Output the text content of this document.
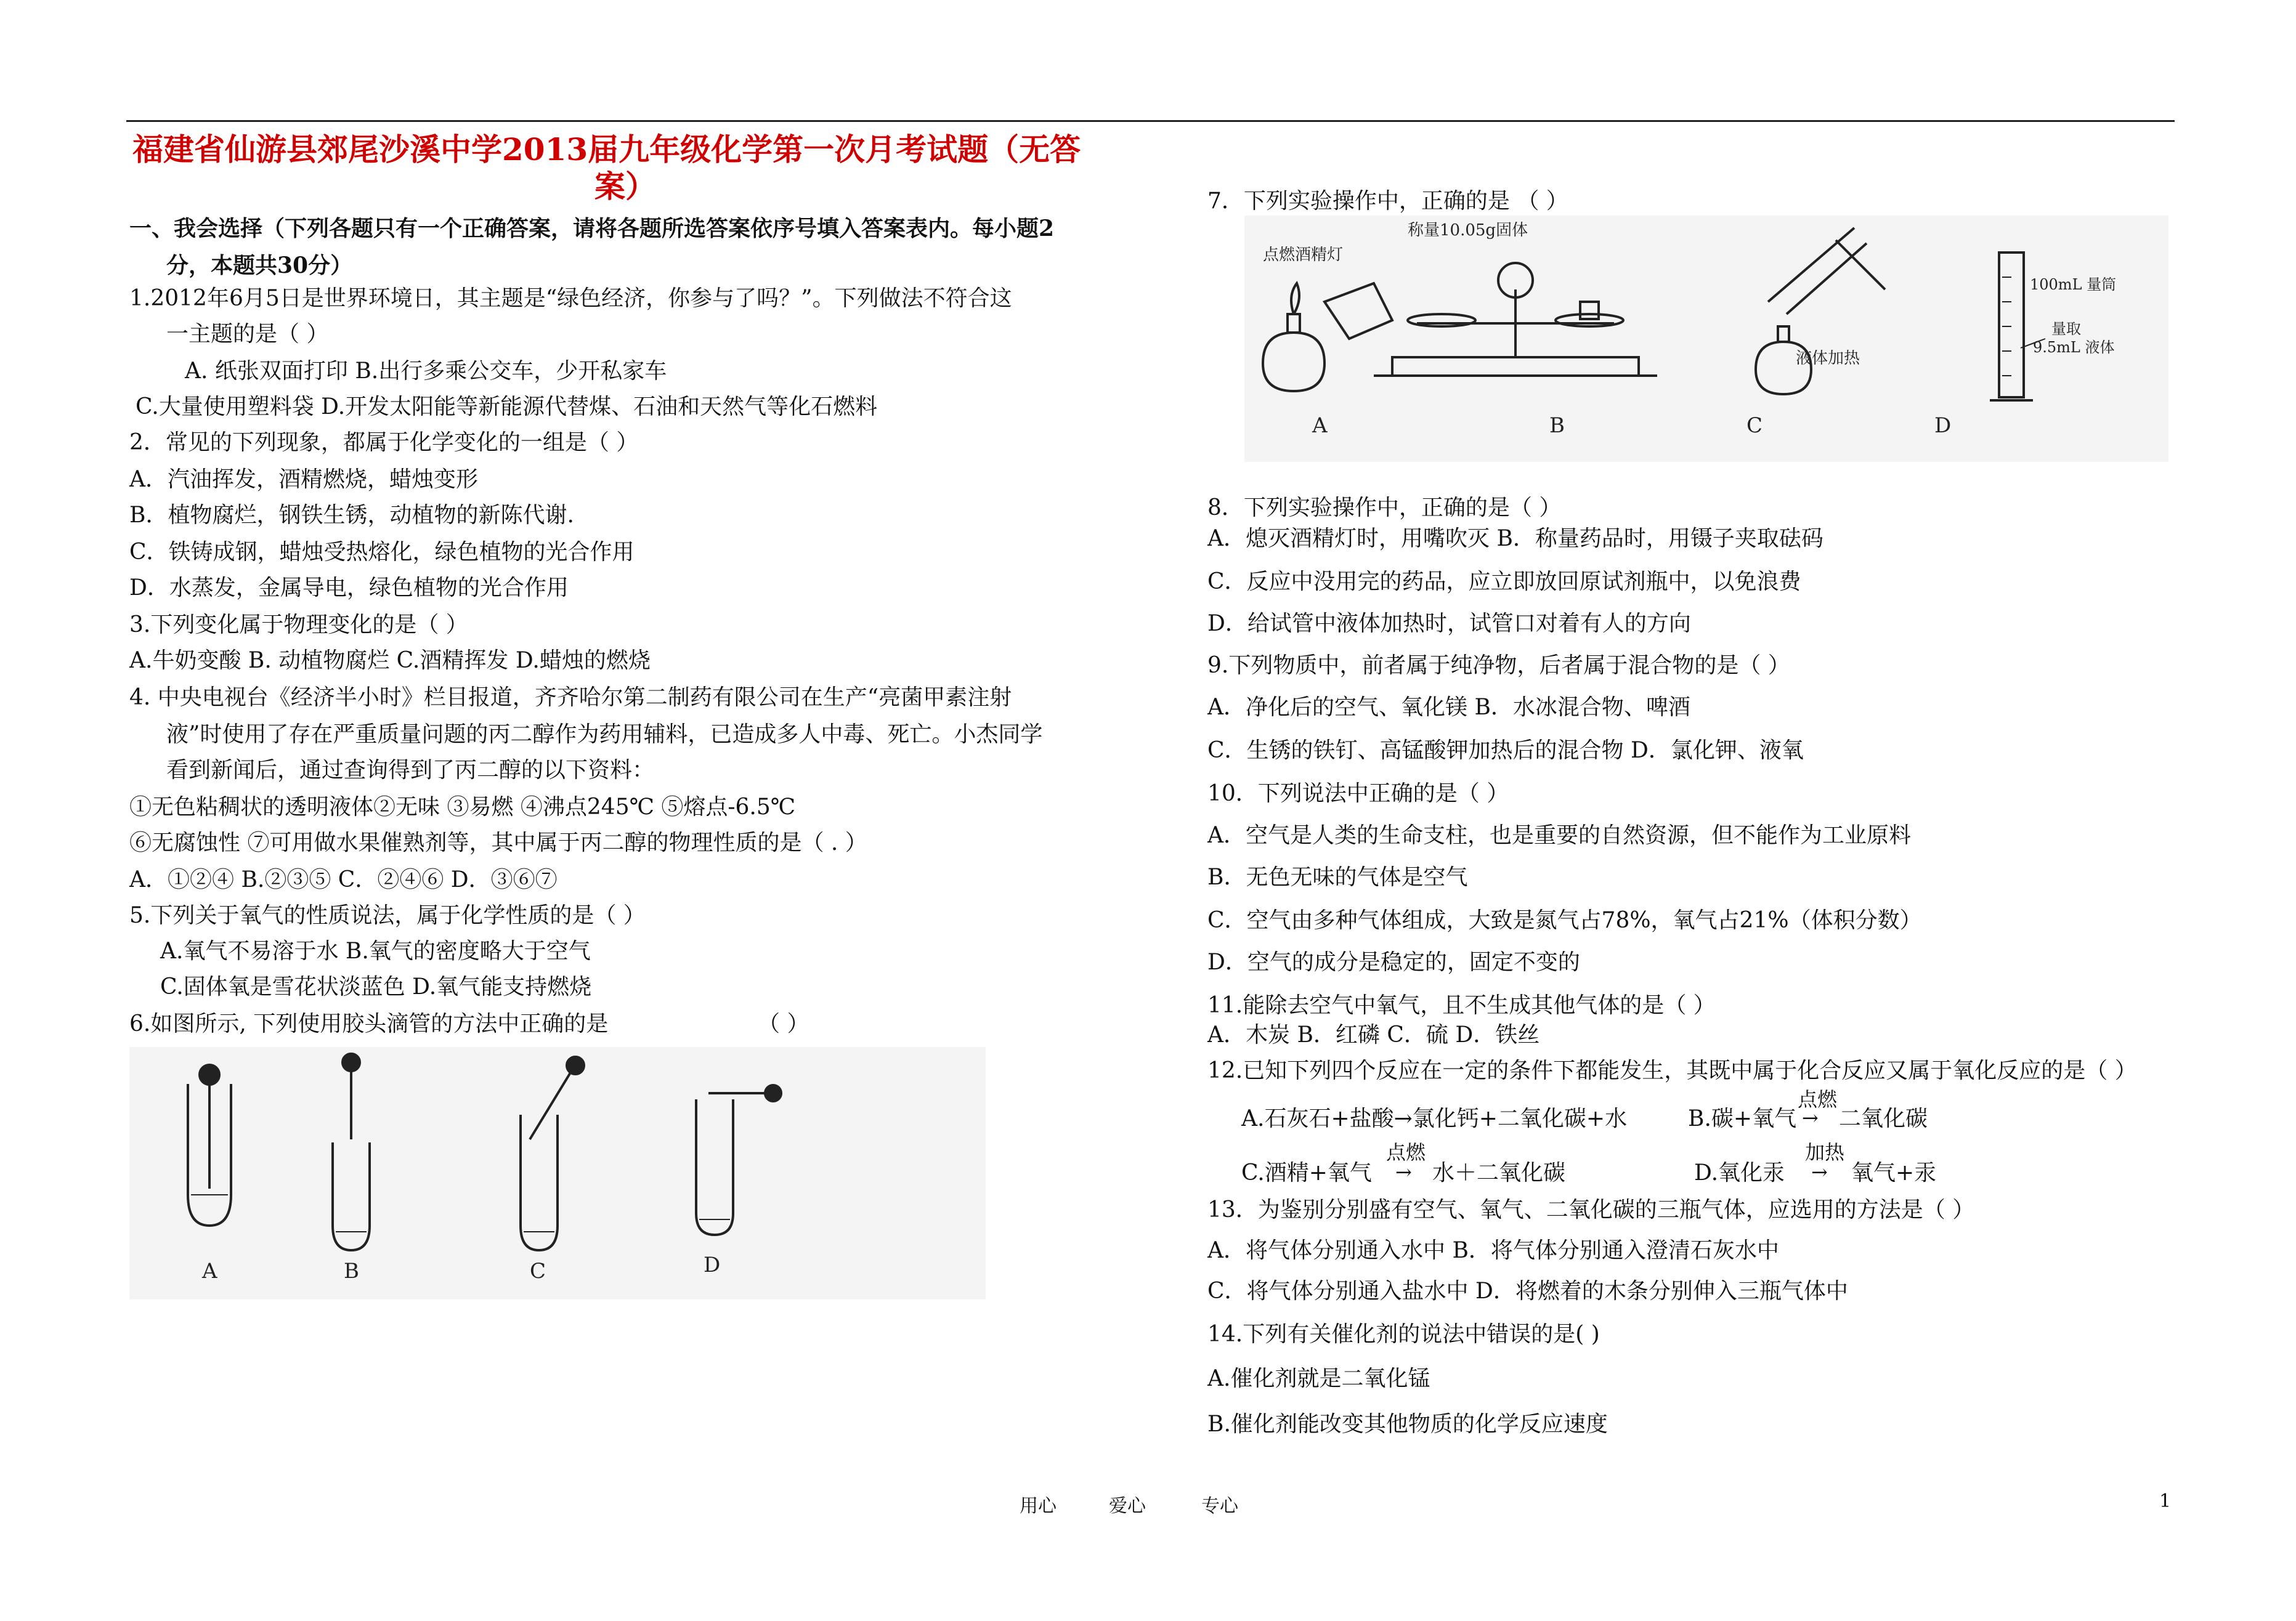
福建省仙游县郊尾沙溪中学2013届九年级化学第一次月考试题（无答
案）
一、我会选择（下列各题只有一个正确答案，请将各题所选答案依序号填入答案表内。每小题2
分，本题共30分）
1.2012年6月5日是世界环境日，其主题是“绿色经济，你参与了吗？”。下列做法不符合这
一主题的是（ ）
A. 纸张双面打印 B.出行多乘公交车，少开私家车
C.大量使用塑料袋 D.开发太阳能等新能源代替煤、石油和天然气等化石燃料
2．常见的下列现象，都属于化学变化的一组是（ ）
A．汽油挥发，酒精燃烧，蜡烛变形
B．植物腐烂，钢铁生锈，动植物的新陈代谢.
C．铁铸成钢，蜡烛受热熔化，绿色植物的光合作用
D．水蒸发，金属导电，绿色植物的光合作用
3.下列变化属于物理变化的是（ ）
A.牛奶变酸 B. 动植物腐烂 C.酒精挥发 D.蜡烛的燃烧
4. 中央电视台《经济半小时》栏目报道，齐齐哈尔第二制药有限公司在生产“亮菌甲素注射
液”时使用了存在严重质量问题的丙二醇作为药用辅料，已造成多人中毒、死亡。小杰同学
看到新闻后，通过查询得到了丙二醇的以下资料：
①无色粘稠状的透明液体②无味 ③易燃 ④沸点245℃ ⑤熔点-6.5℃
⑥无腐蚀性 ⑦可用做水果催熟剂等，其中属于丙二醇的物理性质的是（ . ）
A．①②④ B.②③⑤ C．②④⑥ D．③⑥⑦
5.下列关于氧气的性质说法，属于化学性质的是（ ）
A.氧气不易溶于水 B.氧气的密度略大于空气
C.固体氧是雪花状淡蓝色 D.氧气能支持燃烧
6.如图所示, 下列使用胶头滴管的方法中正确的是	（ ）
A	B	C	D
7．下列实验操作中，正确的是 （ ）
点燃酒精灯
称量10.05g固体
液体加热
100mL 量筒
量取
9.5mL 液体
A	B	C	D
8．下列实验操作中，正确的是（ ）
A．熄灭酒精灯时，用嘴吹灭 B．称量药品时，用镊子夹取砝码
C．反应中没用完的药品，应立即放回原试剂瓶中，以免浪费
D．给试管中液体加热时，试管口对着有人的方向
9.下列物质中，前者属于纯净物，后者属于混合物的是（ ）
A．净化后的空气、氧化镁 B．水冰混合物、啤酒
C．生锈的铁钉、高锰酸钾加热后的混合物 D．氯化钾、液氧
10．下列说法中正确的是（ ）
A．空气是人类的生命支柱，也是重要的自然资源，但不能作为工业原料
B．无色无味的气体是空气
C．空气由多种气体组成，大致是氮气占78%，氧气占21%（体积分数）
D．空气的成分是稳定的，固定不变的
11.能除去空气中氧气，且不生成其他气体的是（ ）
A．木炭 B．红磷 C．硫 D．铁丝
12.已知下列四个反应在一定的条件下都能发生，其既中属于化合反应又属于氧化反应的是（ ）
A.石灰石+盐酸→氯化钙+二氧化碳+水	B.碳+氧气
点燃
→ 二氧化碳
C.酒精+氧气
点燃
→ 水＋二氧化碳	D.氧化汞
加热
→ 氧气+汞
13．为鉴别分别盛有空气、氧气、二氧化碳的三瓶气体，应选用的方法是（ ）
A．将气体分别通入水中 B．将气体分别通入澄清石灰水中
C．将气体分别通入盐水中 D．将燃着的木条分别伸入三瓶气体中
14.下列有关催化剂的说法中错误的是( )
A.催化剂就是二氧化锰
B.催化剂能改变其他物质的化学反应速度
用心	爱心	专心	1
